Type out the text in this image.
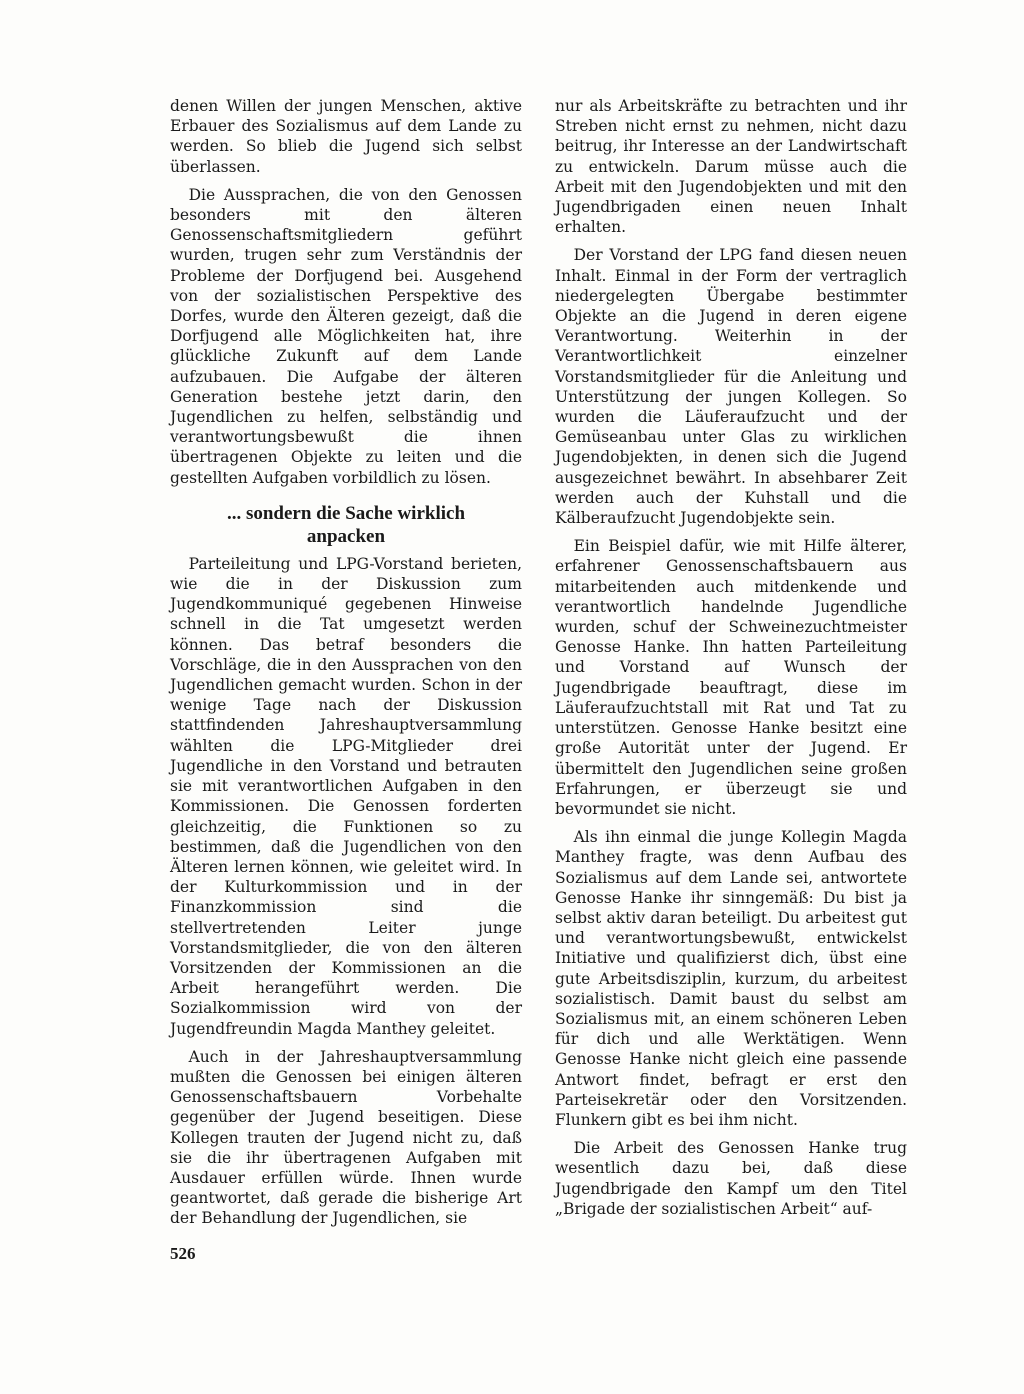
denen Willen der jungen Menschen, aktive Erbauer des Sozialismus auf dem Lande zu werden. So blieb die Jugend sich selbst überlassen.

Die Aussprachen, die von den Genossen besonders mit den älteren Genossenschaftsmitgliedern geführt wurden, trugen sehr zum Verständnis der Probleme der Dorfjugend bei. Ausgehend von der sozialistischen Perspektive des Dorfes, wurde den Älteren gezeigt, daß die Dorfjugend alle Möglichkeiten hat, ihre glückliche Zukunft auf dem Lande aufzubauen. Die Aufgabe der älteren Generation bestehe jetzt darin, den Jugendlichen zu helfen, selbständig und verantwortungsbewußt die ihnen übertragenen Objekte zu leiten und die gestellten Aufgaben vorbildlich zu lösen.

... sondern die Sache wirklich anpacken

Parteileitung und LPG-Vorstand berieten, wie die in der Diskussion zum Jugendkommuniqué gegebenen Hinweise schnell in die Tat umgesetzt werden können. Das betraf besonders die Vorschläge, die in den Aussprachen von den Jugendlichen gemacht wurden. Schon in der wenige Tage nach der Diskussion stattfindenden Jahreshauptversammlung wählten die LPG-Mitglieder drei Jugendliche in den Vorstand und betrauten sie mit verantwortlichen Aufgaben in den Kommissionen. Die Genossen forderten gleichzeitig, die Funktionen so zu bestimmen, daß die Jugendlichen von den Älteren lernen können, wie geleitet wird. In der Kulturkommission und in der Finanzkommission sind die stellvertretenden Leiter junge Vorstandsmitglieder, die von den älteren Vorsitzenden der Kommissionen an die Arbeit herangeführt werden. Die Sozialkommission wird von der Jugendfreundin Magda Manthey geleitet.

Auch in der Jahreshauptversammlung mußten die Genossen bei einigen älteren Genossenschaftsbauern Vorbehalte gegenüber der Jugend beseitigen. Diese Kollegen trauten der Jugend nicht zu, daß sie die ihr übertragenen Aufgaben mit Ausdauer erfüllen würde. Ihnen wurde geantwortet, daß gerade die bisherige Art der Behandlung der Jugendlichen, sie

nur als Arbeitskräfte zu betrachten und ihr Streben nicht ernst zu nehmen, nicht dazu beitrug, ihr Interesse an der Landwirtschaft zu entwickeln. Darum müsse auch die Arbeit mit den Jugendobjekten und mit den Jugendbrigaden einen neuen Inhalt erhalten.

Der Vorstand der LPG fand diesen neuen Inhalt. Einmal in der Form der vertraglich niedergelegten Übergabe bestimmter Objekte an die Jugend in deren eigene Verantwortung. Weiterhin in der Verantwortlichkeit einzelner Vorstandsmitglieder für die Anleitung und Unterstützung der jungen Kollegen. So wurden die Läuferaufzucht und der Gemüseanbau unter Glas zu wirklichen Jugendobjekten, in denen sich die Jugend ausgezeichnet bewährt. In absehbarer Zeit werden auch der Kuhstall und die Kälberaufzucht Jugendobjekte sein.

Ein Beispiel dafür, wie mit Hilfe älterer, erfahrener Genossenschaftsbauern aus mitarbeitenden auch mitdenkende und verantwortlich handelnde Jugendliche wurden, schuf der Schweinezuchtmeister Genosse Hanke. Ihn hatten Parteileitung und Vorstand auf Wunsch der Jugendbrigade beauftragt, diese im Läuferaufzuchtstall mit Rat und Tat zu unterstützen. Genosse Hanke besitzt eine große Autorität unter der Jugend. Er übermittelt den Jugendlichen seine großen Erfahrungen, er überzeugt sie und bevormundet sie nicht.

Als ihn einmal die junge Kollegin Magda Manthey fragte, was denn Aufbau des Sozialismus auf dem Lande sei, antwortete Genosse Hanke ihr sinngemäß: Du bist ja selbst aktiv daran beteiligt. Du arbeitest gut und verantwortungsbewußt, entwickelst Initiative und qualifizierst dich, übst eine gute Arbeitsdisziplin, kurzum, du arbeitest sozialistisch. Damit baust du selbst am Sozialismus mit, an einem schöneren Leben für dich und alle Werktätigen. Wenn Genosse Hanke nicht gleich eine passende Antwort findet, befragt er erst den Parteisekretär oder den Vorsitzenden. Flunkern gibt es bei ihm nicht.

Die Arbeit des Genossen Hanke trug wesentlich dazu bei, daß diese Jugendbrigade den Kampf um den Titel „Brigade der sozialistischen Arbeit“ auf-

526
